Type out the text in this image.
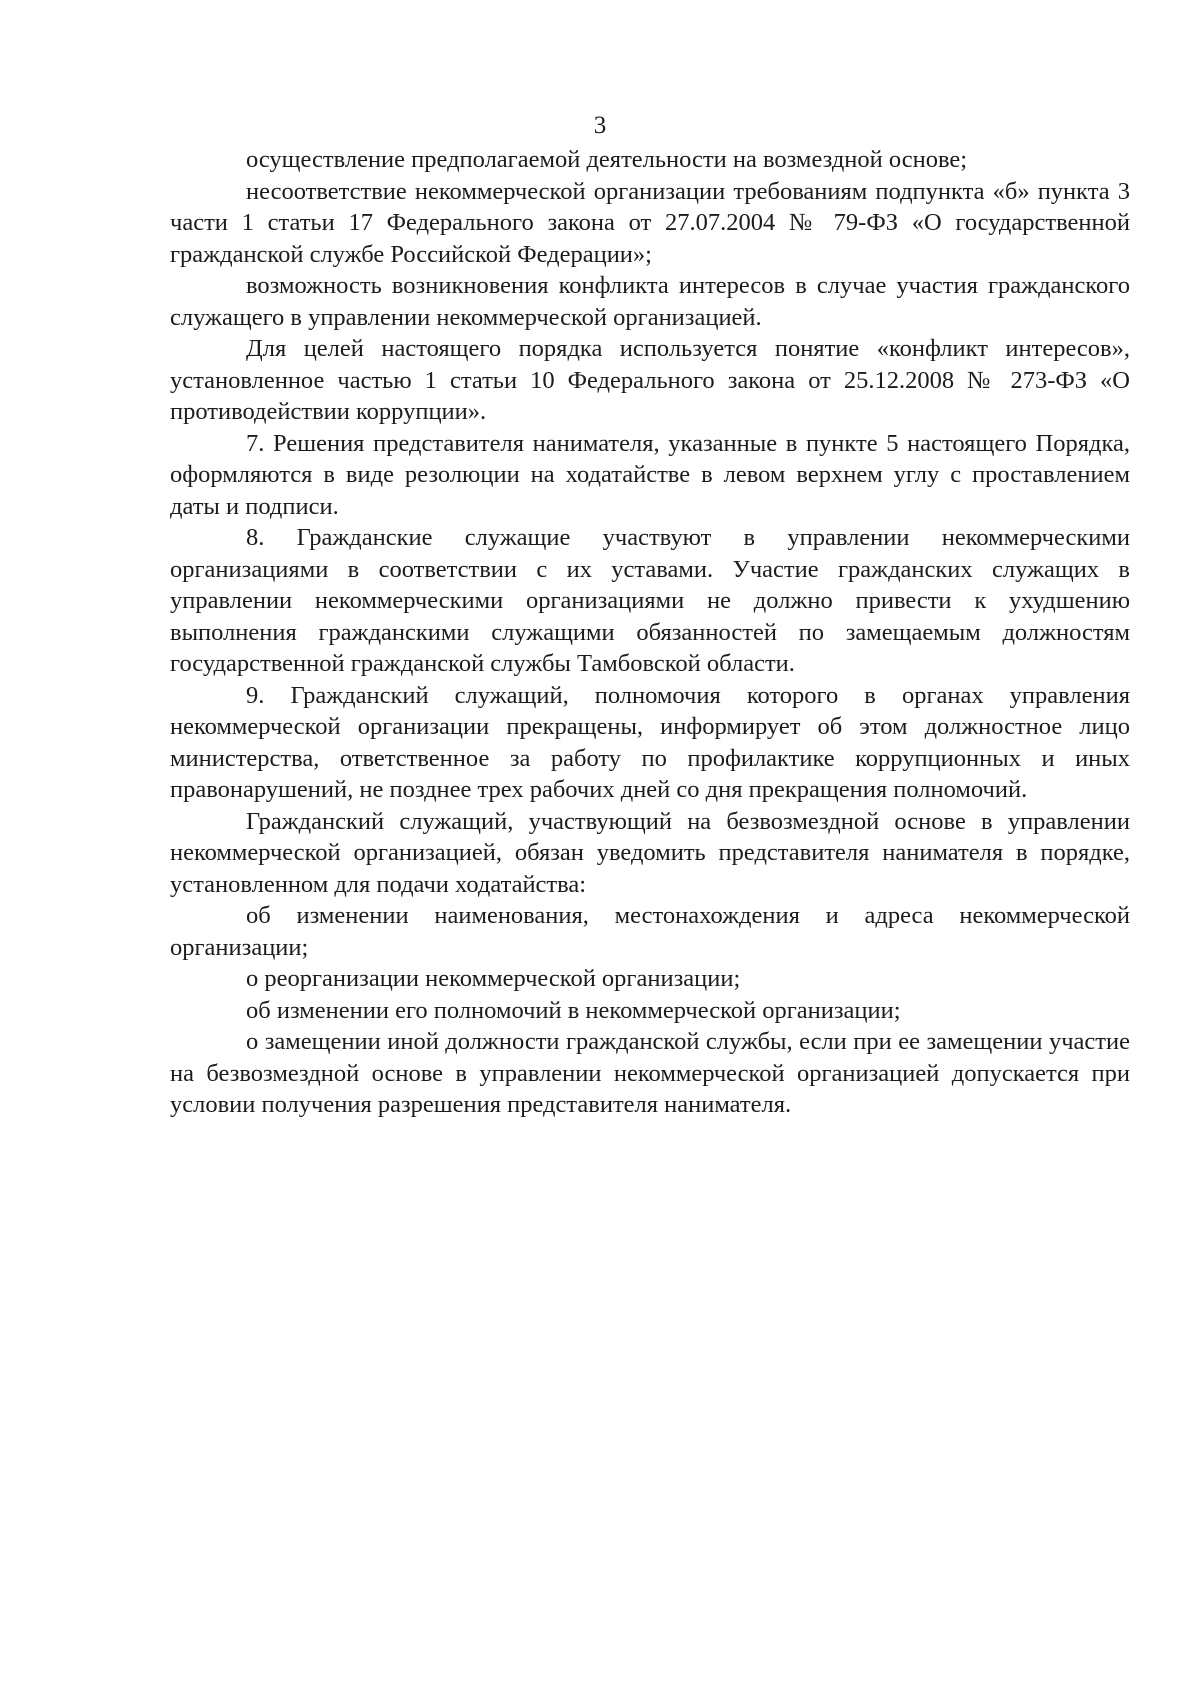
3

осуществление предполагаемой деятельности на возмездной основе;

несоответствие некоммерческой организации требованиям подпункта «б» пункта 3 части 1 статьи 17 Федерального закона от 27.07.2004 № 79-ФЗ «О государственной гражданской службе Российской Федерации»;

возможность возникновения конфликта интересов в случае участия гражданского служащего в управлении некоммерческой организацией.

Для целей настоящего порядка используется понятие «конфликт интересов», установленное частью 1 статьи 10 Федерального закона от 25.12.2008 № 273-ФЗ «О противодействии коррупции».

7. Решения представителя нанимателя, указанные в пункте 5 настоящего Порядка, оформляются в виде резолюции на ходатайстве в левом верхнем углу с проставлением даты и подписи.

8. Гражданские служащие участвуют в управлении некоммерческими организациями в соответствии с их уставами. Участие гражданских служащих в управлении некоммерческими организациями не должно привести к ухудшению выполнения гражданскими служащими обязанностей по замещаемым должностям государственной гражданской службы Тамбовской области.

9. Гражданский служащий, полномочия которого в органах управления некоммерческой организации прекращены, информирует об этом должностное лицо министерства, ответственное за работу по профилактике коррупционных и иных правонарушений, не позднее трех рабочих дней со дня прекращения полномочий.

Гражданский служащий, участвующий на безвозмездной основе в управлении некоммерческой организацией, обязан уведомить представителя нанимателя в порядке, установленном для подачи ходатайства:

об изменении наименования, местонахождения и адреса некоммерческой организации;

о реорганизации некоммерческой организации;

об изменении его полномочий в некоммерческой организации;

о замещении иной должности гражданской службы, если при ее замещении участие на безвозмездной основе в управлении некоммерческой организацией допускается при условии получения разрешения представителя нанимателя.
